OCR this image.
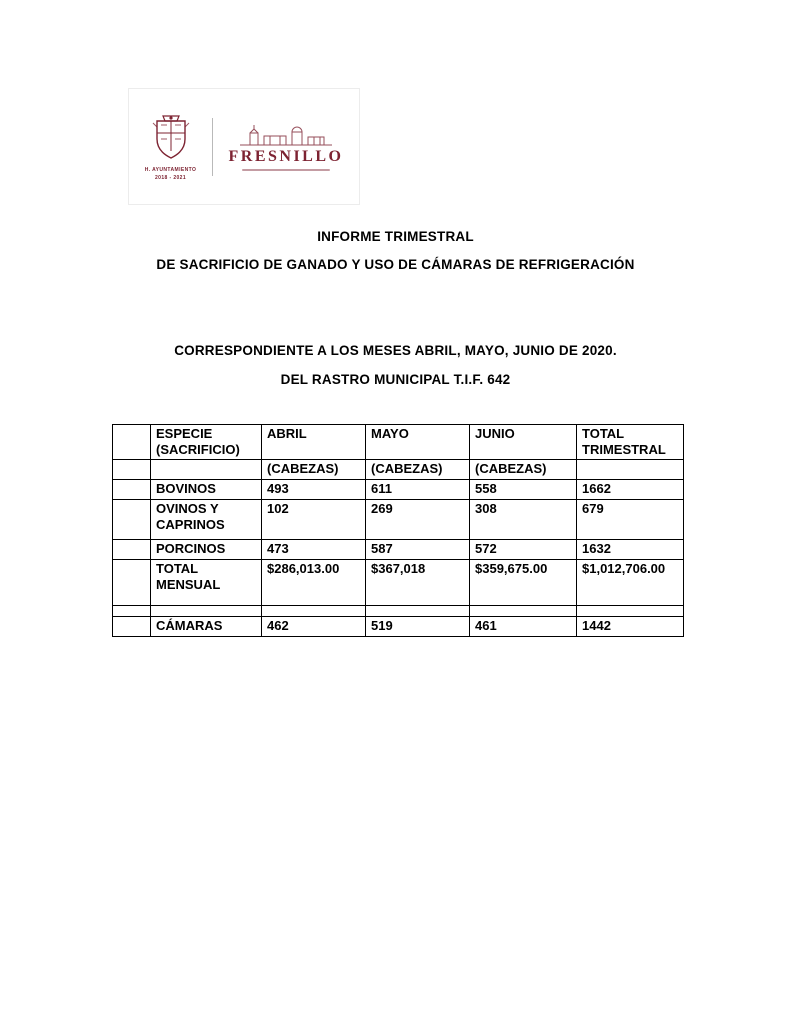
H. AYUNTAMIENTO
2018 - 2021
FRESNILLO
INFORME TRIMESTRAL
DE SACRIFICIO DE GANADO Y USO DE CÁMARAS DE REFRIGERACIÓN
CORRESPONDIENTE A LOS MESES ABRIL, MAYO, JUNIO DE 2020.
DEL RASTRO MUNICIPAL T.I.F. 642
	ESPECIE (SACRIFICIO)	ABRIL	MAYO	JUNIO	TOTAL TRIMESTRAL
		(CABEZAS)	(CABEZAS)	(CABEZAS)	
	BOVINOS	493	611	558	1662
	OVINOS Y CAPRINOS	102	269	308	679
	PORCINOS	473	587	572	1632
	TOTAL MENSUAL	$286,013.00	$367,018	$359,675.00	$1,012,706.00

	CÁMARAS	462	519	461	1442
